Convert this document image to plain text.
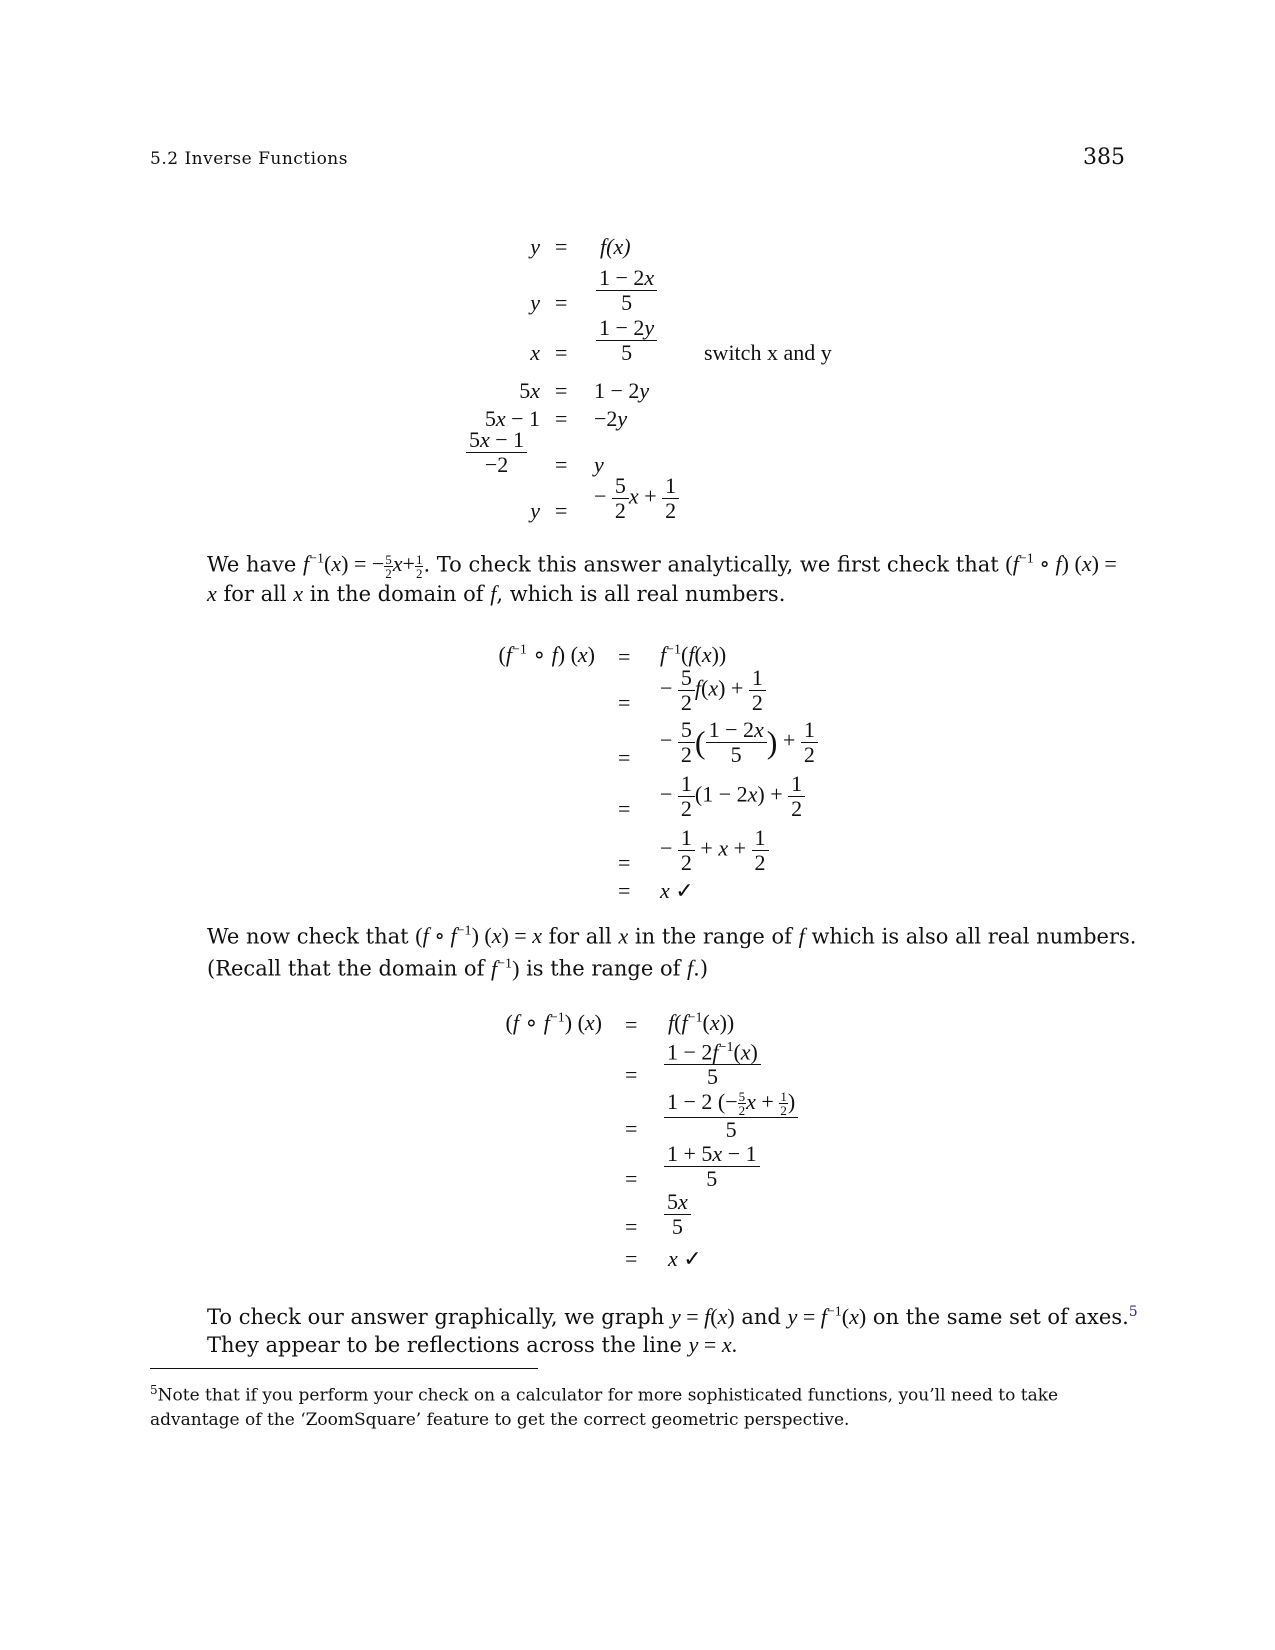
5.2 Inverse Functions	385
y = f(x)
$y = \frac{1 - 2x}{5}$
$x = \frac{1 - 2y}{5}$ switch x and y
5x = 1 − 2y
5x − 1 = −2y
$\frac{5x - 1}{-2} = y$
y =
− $\frac{5}{2}$ $x + \frac{1}{2}$
We have $f^{-1}(x)$ = − $\frac{5}{2} x+ \frac{1}{2}$ . To check this answer analytically, we first check that ($f^{-1}$ ∘ f) (x) =
x for all x in the domain of f, which is all real numbers.
($f^{-1}$ ∘ f) $(x) = f^{-1}(f(x))$
=
− $\frac{5}{2} f(x) + \frac{1}{2}$
=
− $\frac{5}{2}$ ( $\frac{1 - 2x}{5}$ ) + $\frac{1}{2}$
=
− $\frac{1}{2} (1 - 2x) + \frac{1}{2}$
=
− $\frac{1}{2} + x + \frac{1}{2}$
= x ✓
We now check that (f ∘ $f^{-1}$) (x) = x for all x in the range of f which is also all real numbers.
(Recall that the domain of $f^{-1}$) is the range of f.)
(f ∘ $f^{-1}$) $(x) = f(f^{-1}(x))$
= $\frac{1 - 2f^{-1}(x)}{5}$
= $\frac{1 - 2 (- \frac{5}{2} x + \frac{1}{2} )}{5}$
= $\frac{1 + 5x - 1}{5}$
= $\frac{5x}{5}$
= x ✓
To check our answer graphically, we graph y = f(x) and $y = f^{-1}(x)$ on the same set of axes.$^5$
They appear to be reflections across the line y = x.
$^5$Note that if you perform your check on a calculator for more sophisticated functions, you’ll need to take advantage of the ‘ZoomSquare’ feature to get the correct geometric perspective.
